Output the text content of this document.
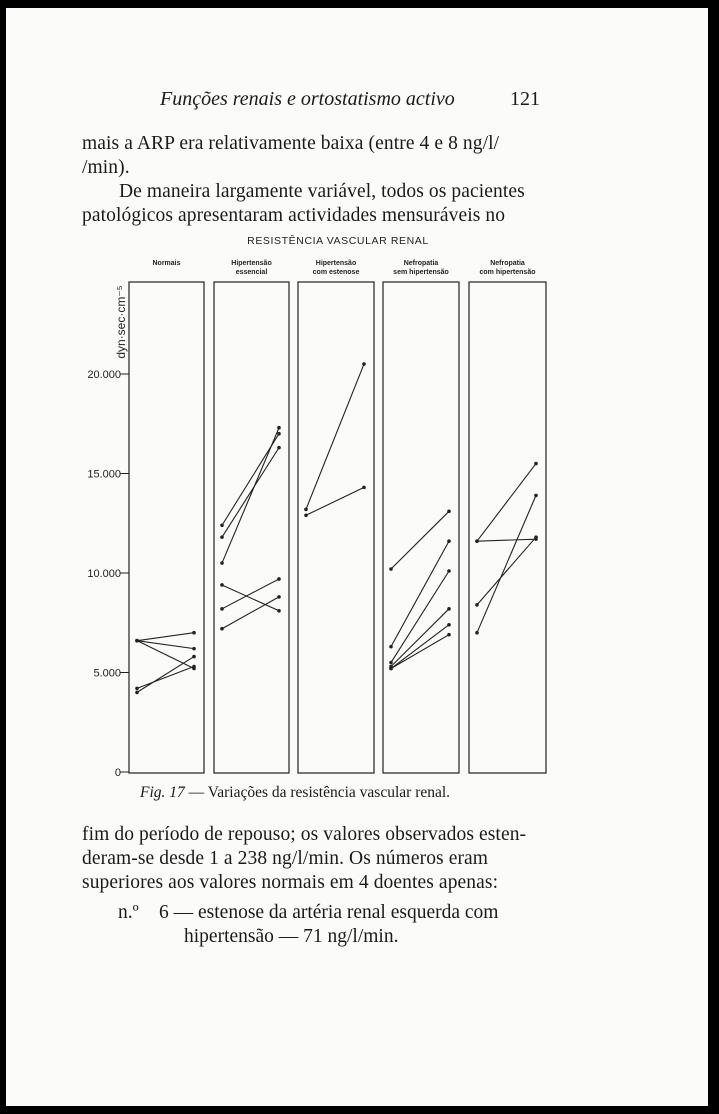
Funções renais e ortostatismo activo	121
mais a ARP era relativamente baixa (entre 4 e 8 ng/l/
/min).
De maneira largamente variável, todos os pacientes
patológicos apresentaram actividades mensuráveis no
RESISTÊNCIA VASCULAR RENAL
dyn·sec·cm⁻⁵
0
5.000
10.000
15.000
20.000
Normais	Hipertensão
essencial
Hipertensão
com estenose
Nefropatia
sem hipertensão
Nefropatia
com hipertensão
Fig. 17 — Variações da resistência vascular renal.
fim do período de repouso; os valores observados esten-
deram-se desde 1 a 238 ng/l/min. Os números eram
superiores aos valores normais em 4 doentes apenas:
n.º 6 — estenose da artéria renal esquerda com
hipertensão — 71 ng/l/min.
